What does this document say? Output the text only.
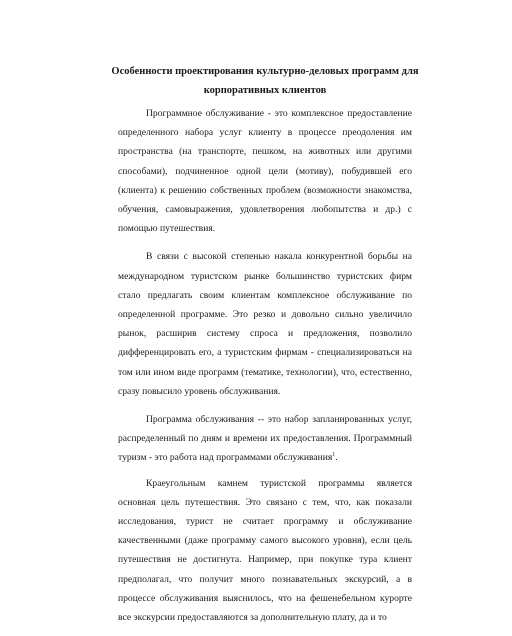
Особенности проектирования культурно-деловых программ для корпоративных клиентов

Программное обслуживание - это комплексное предоставление определенного набора услуг клиенту в процессе преодоления им пространства (на транспорте, пешком, на животных или другими способами), подчиненное одной цели (мотиву), побудившей его (клиента) к решению собственных проблем (возможности знакомства, обучения, самовыражения, удовлетворения любопытства и др.) с помощью путешествия.

В связи с высокой степенью накала конкурентной борьбы на международном туристском рынке большинство туристских фирм стало предлагать своим клиентам комплексное обслуживание по определенной программе. Это резко и довольно сильно увеличило рынок, расширив систему спроса и предложения, позволило дифференцировать его, а туристским фирмам - специализироваться на том или ином виде программ (тематике, технологии), что, естественно, сразу повысило уровень обслуживания.

Программа обслуживания -- это набор запланированных услуг, распределенный по дням и времени их предоставления. Программный туризм - это работа над программами обслуживания$^1$.

Краеугольным камнем туристской программы является основная цель путешествия. Это связано с тем, что, как показали исследования, турист не считает программу и обслуживание качественными (даже программу самого высокого уровня), если цель путешествия не достигнута. Например, при покупке тура клиент предполагал, что получит много познавательных экскурсий, а в процессе обслуживания выяснилось, что на фешенебельном курорте все экскурсии предоставляются за дополнительную плату, да и то
